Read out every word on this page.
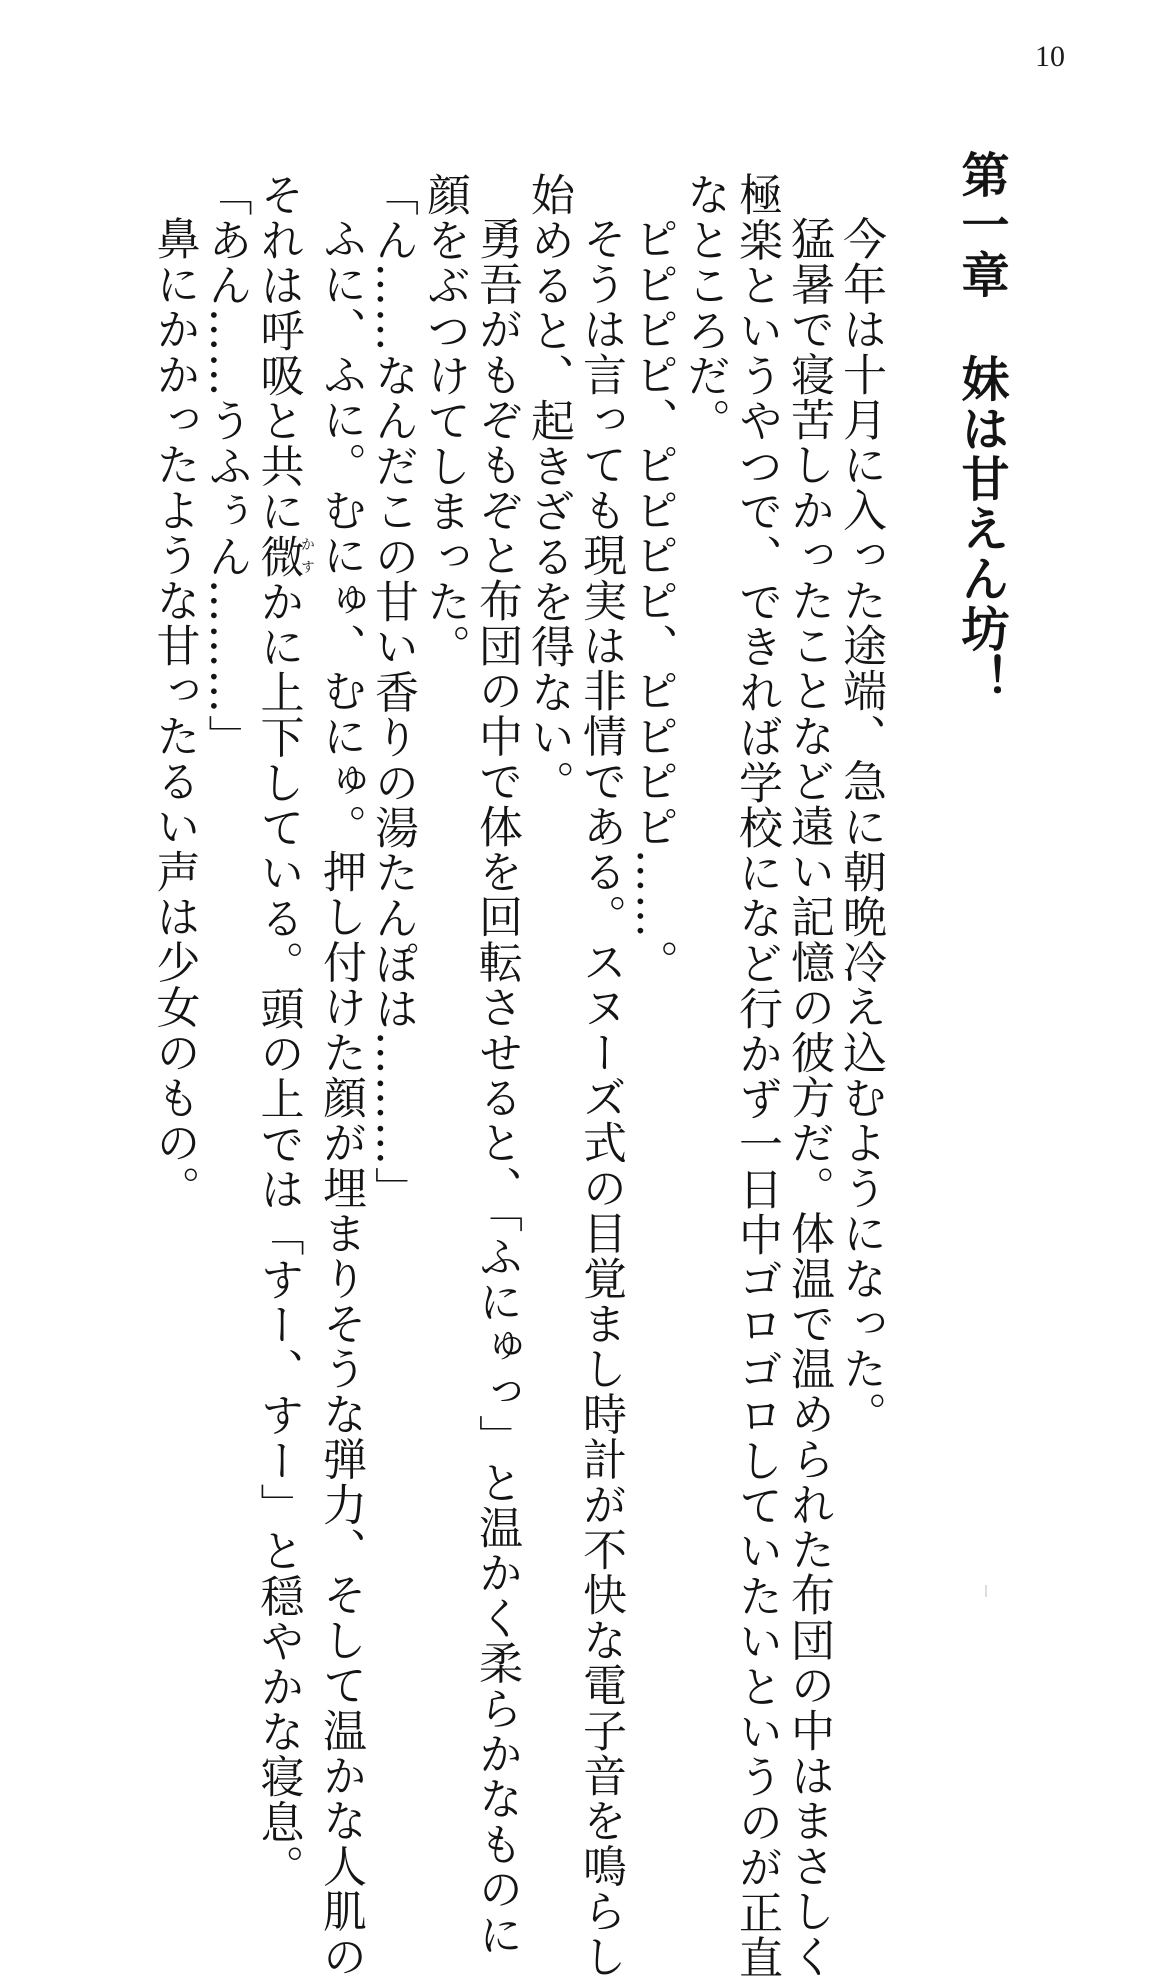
10
第一章妹は甘えん坊！
今年は十月に入った途端、急に朝晩冷え込むようになった。
猛暑で寝苦しかったことなど遠い記憶の彼方だ。体温で温められた布団の中はまさしく
極楽というやつで、できれば学校になど行かず一日中ゴロゴロしていたいというのが正直
なところだ。
ピピピピ、ピピピピ、ピピピピ……。
そうは言っても現実は非情である。スヌーズ式の目覚まし時計が不快な電子音を鳴らし
始めると、起きざるを得ない。
勇吾がもぞもぞと布団の中で体を回転させると、「ふにゅっ」と温かく柔らかなものに
顔をぶつけてしまった。
「ん……なんだこの甘い香りの湯たんぽは………」
ふに、ふに。むにゅ、むにゅ。押し付けた顔が埋まりそうな弾力、そして温かな人肌の
それは呼吸と共に微かすかに上下している。頭の上では「すー、すー」と穏やかな寝息。
「あん……うふぅん………」
鼻にかかったような甘ったるい声は少女のもの。
